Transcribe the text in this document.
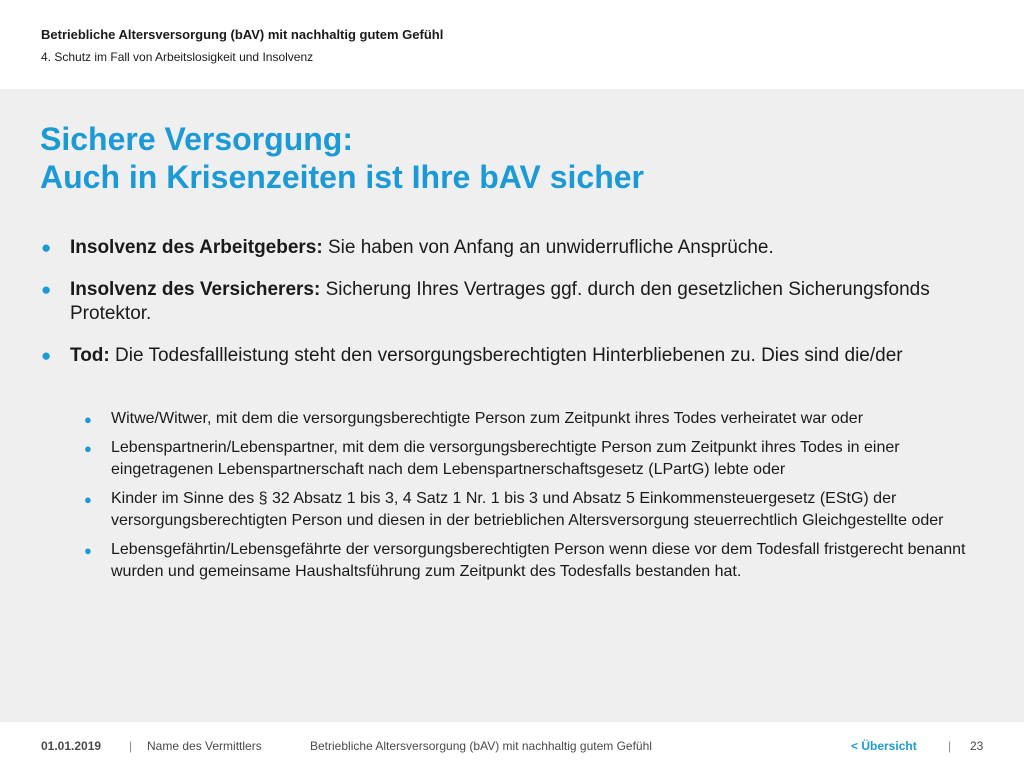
Betriebliche Altersversorgung (bAV) mit nachhaltig gutem Gefühl
4. Schutz im Fall von Arbeitslosigkeit und Insolvenz
Sichere Versorgung:
Auch in Krisenzeiten ist Ihre bAV sicher
● Insolvenz des Arbeitgebers: Sie haben von Anfang an unwiderrufliche Ansprüche.
● Insolvenz des Versicherers: Sicherung Ihres Vertrages ggf. durch den gesetzlichen Sicherungsfonds Protektor.
● Tod: Die Todesfallleistung steht den versorgungsberechtigten Hinterbliebenen zu. Dies sind die/der
● Witwe/Witwer, mit dem die versorgungsberechtigte Person zum Zeitpunkt ihres Todes verheiratet war oder
● Lebenspartnerin/Lebenspartner, mit dem die versorgungsberechtigte Person zum Zeitpunkt ihres Todes in einer eingetragenen Lebenspartnerschaft nach dem Lebenspartnerschaftsgesetz (LPartG) lebte oder
● Kinder im Sinne des § 32 Absatz 1 bis 3, 4 Satz 1 Nr. 1 bis 3 und Absatz 5 Einkommensteuergesetz (EStG) der versorgungsberechtigten Person und diesen in der betrieblichen Altersversorgung steuerrechtlich Gleichgestellte oder
● Lebensgefährtin/Lebensgefährte der versorgungsberechtigten Person wenn diese vor dem Todesfall fristgerecht benannt wurden und gemeinsame Haushaltsführung zum Zeitpunkt des Todesfalls bestanden hat.
01.01.2019 | Name des Vermittlers	Betriebliche Altersversorgung (bAV) mit nachhaltig gutem Gefühl	< Übersicht	| 23
